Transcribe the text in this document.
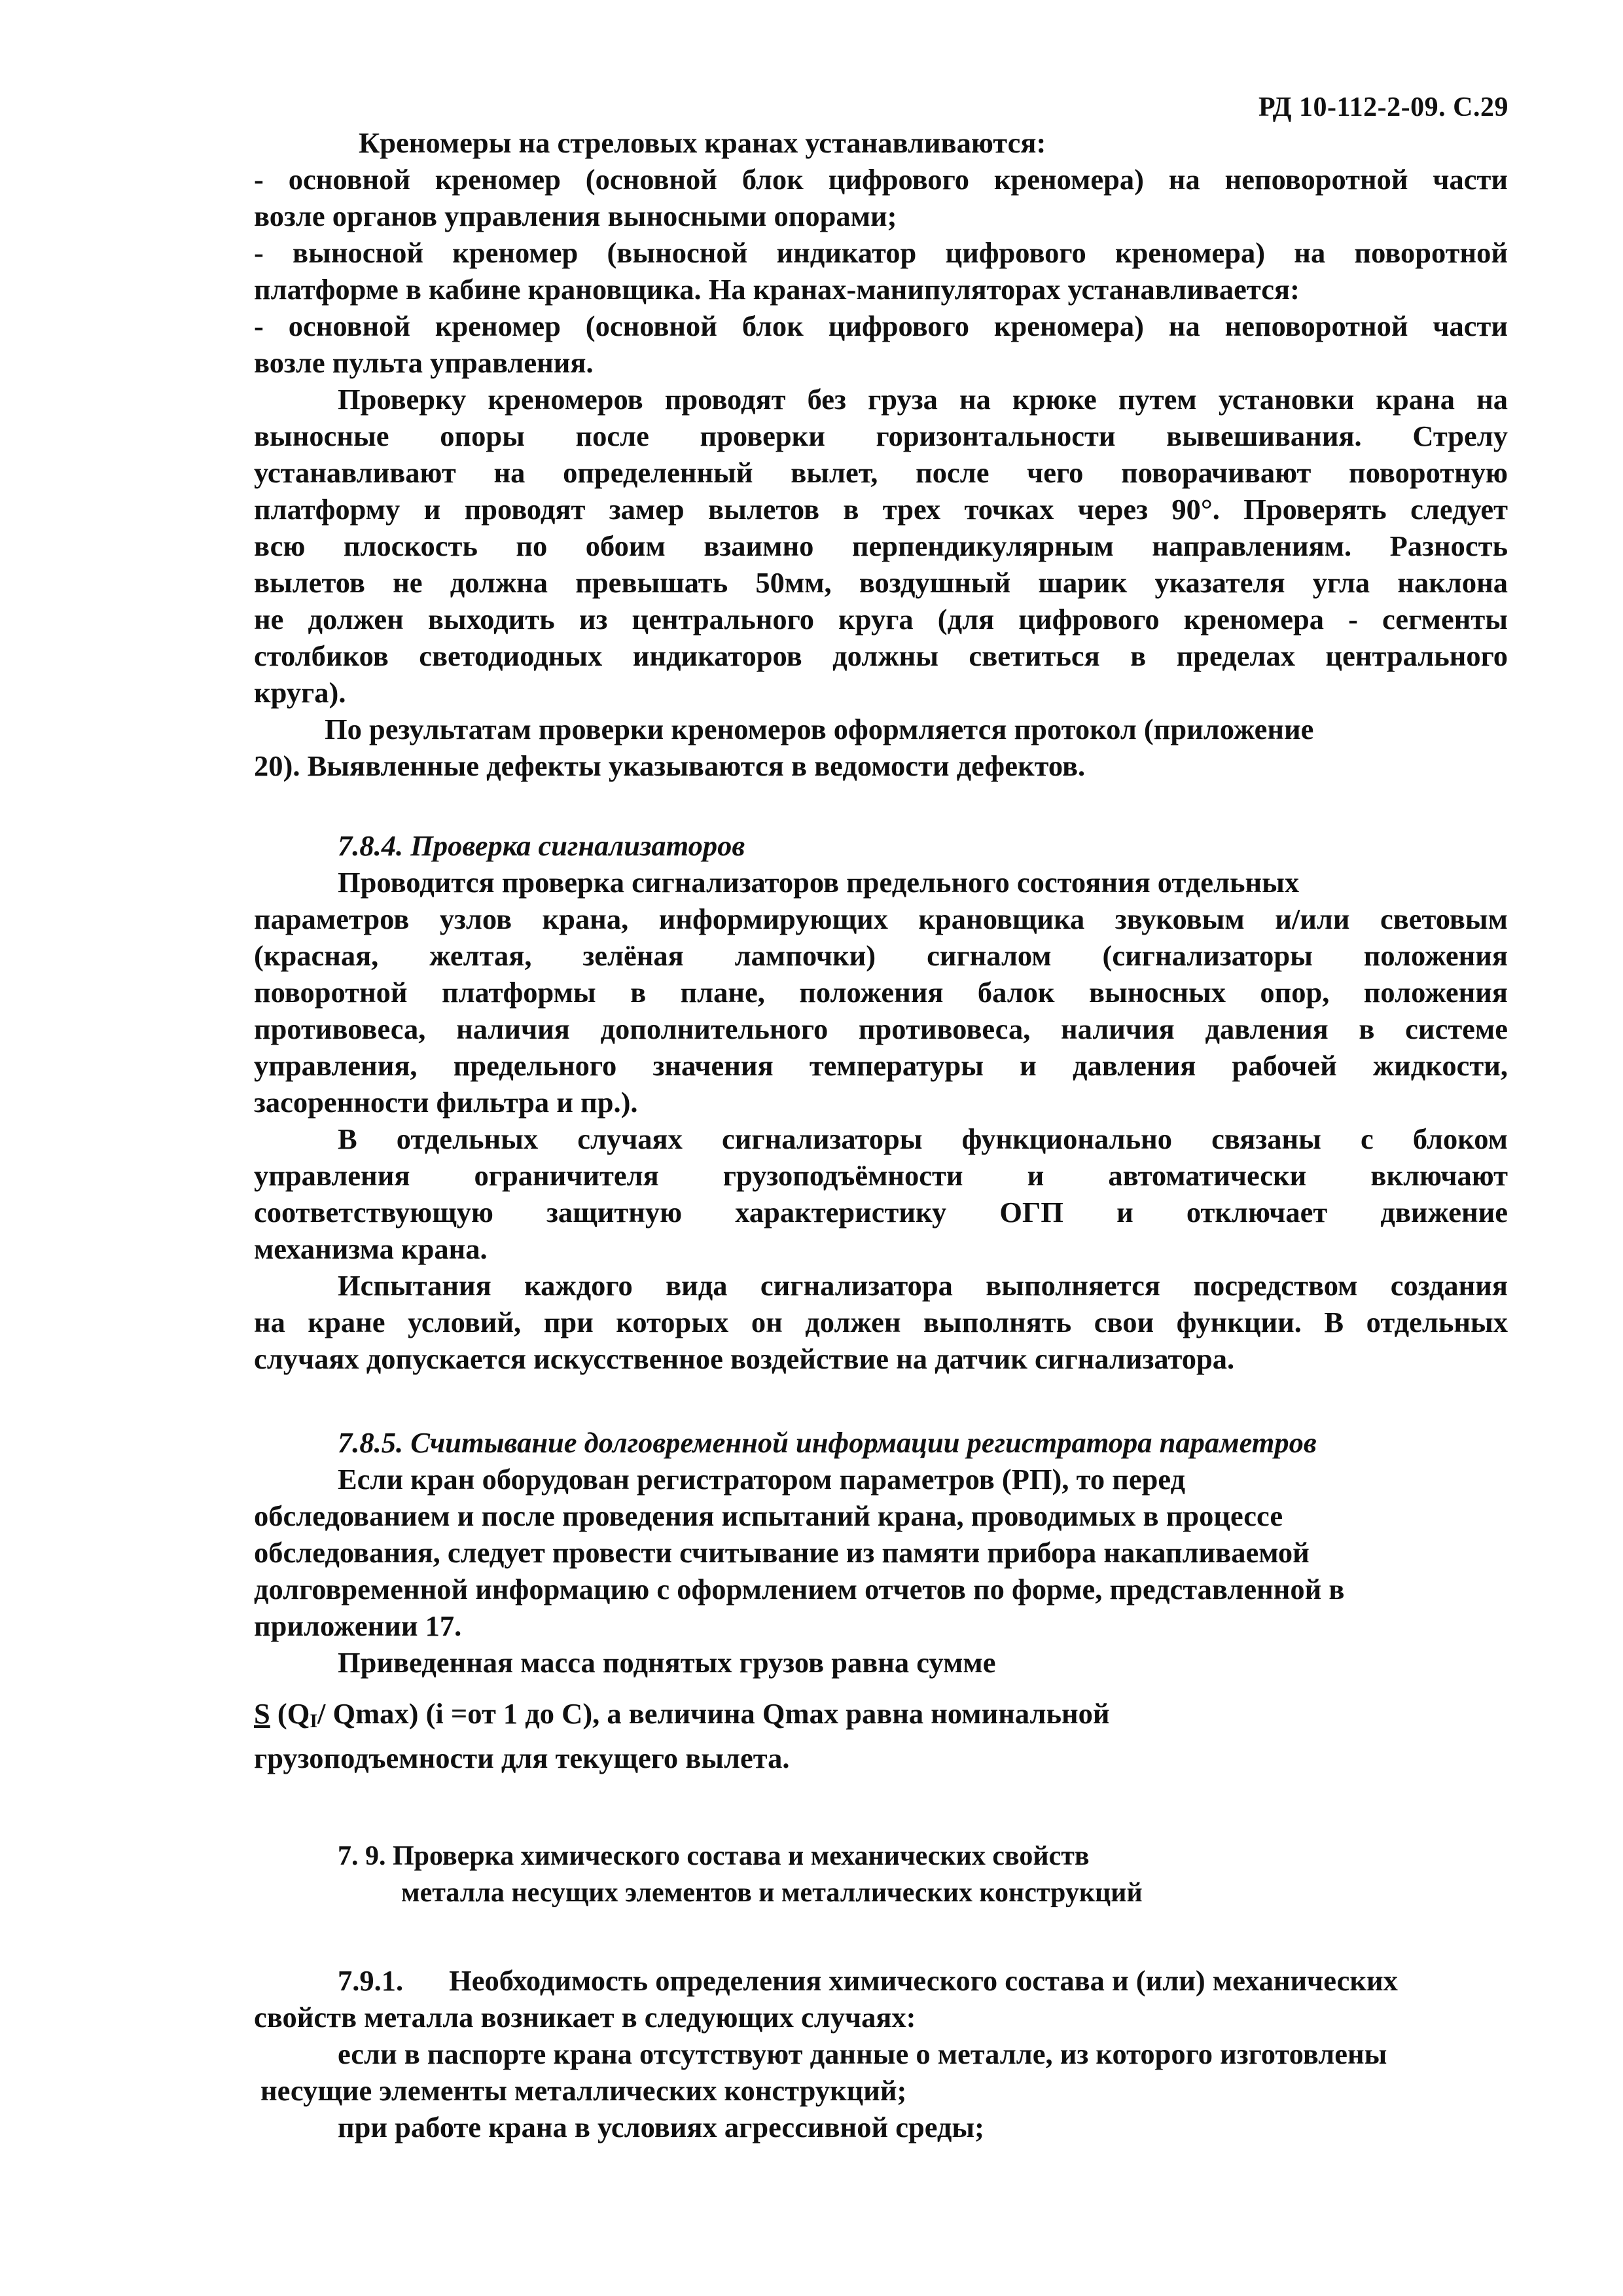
РД 10-112-2-09. С.29
Креномеры на стреловых кранах устанавливаются:
- основной креномер (основной блок цифрового креномера) на неповоротной части
возле органов управления выносными опорами;
- выносной креномер (выносной индикатор цифрового креномера) на поворотной
платформе в кабине крановщика. На кранах-манипуляторах устанавливается:
- основной креномер (основной блок цифрового креномера) на неповоротной части
возле пульта управления.
Проверку креномеров проводят без груза на крюке путем установки крана на
выносные опоры после проверки горизонтальности вывешивания. Стрелу
устанавливают на определенный вылет, после чего поворачивают поворотную
платформу и проводят замер вылетов в трех точках через 90°. Проверять следует
всю плоскость по обоим взаимно перпендикулярным направлениям. Разность
вылетов не должна превышать 50мм, воздушный шарик указателя угла наклона
не должен выходить из центрального круга (для цифрового креномера - сегменты
столбиков светодиодных индикаторов должны светиться в пределах центрального
круга).
По результатам проверки креномеров оформляется протокол (приложение
20). Выявленные дефекты указываются в ведомости дефектов.
7.8.4. Проверка сигнализаторов
Проводится проверка сигнализаторов предельного состояния отдельных
параметров узлов крана, информирующих крановщика звуковым и/или световым
(красная, желтая, зелёная лампочки) сигналом (сигнализаторы положения
поворотной платформы в плане, положения балок выносных опор, положения
противовеса, наличия дополнительного противовеса, наличия давления в системе
управления, предельного значения температуры и давления рабочей жидкости,
засоренности фильтра и пр.).
В отдельных случаях сигнализаторы функционально связаны с блоком
управления ограничителя грузоподъёмности и автоматически включают
соответствующую защитную характеристику ОГП и отключает движение
механизма крана.
Испытания каждого вида сигнализатора выполняется посредством создания
на кране условий, при которых он должен выполнять свои функции. В отдельных
случаях допускается искусственное воздействие на датчик сигнализатора.
7.8.5. Считывание долговременной информации регистратора параметров
Если кран оборудован регистратором параметров (РП), то перед
обследованием и после проведения испытаний крана, проводимых в процессе
обследования, следует провести считывание из памяти прибора накапливаемой
долговременной информацию с оформлением отчетов по форме, представленной в
приложении 17.
Приведенная масса поднятых грузов равна сумме
S ($Q_I/$ Qmax) (i =от 1 до С), а величина Qmax равна номинальной
грузоподъемности для текущего вылета.
7. 9. Проверка химического состава и механических свойств
металла несущих элементов и металлических конструкций
7.9.1. Необходимость определения химического состава и (или) механических
свойств металла возникает в следующих случаях:
если в паспорте крана отсутствуют данные о металле, из которого изготовлены
несущие элементы металлических конструкций;
при работе крана в условиях агрессивной среды;
